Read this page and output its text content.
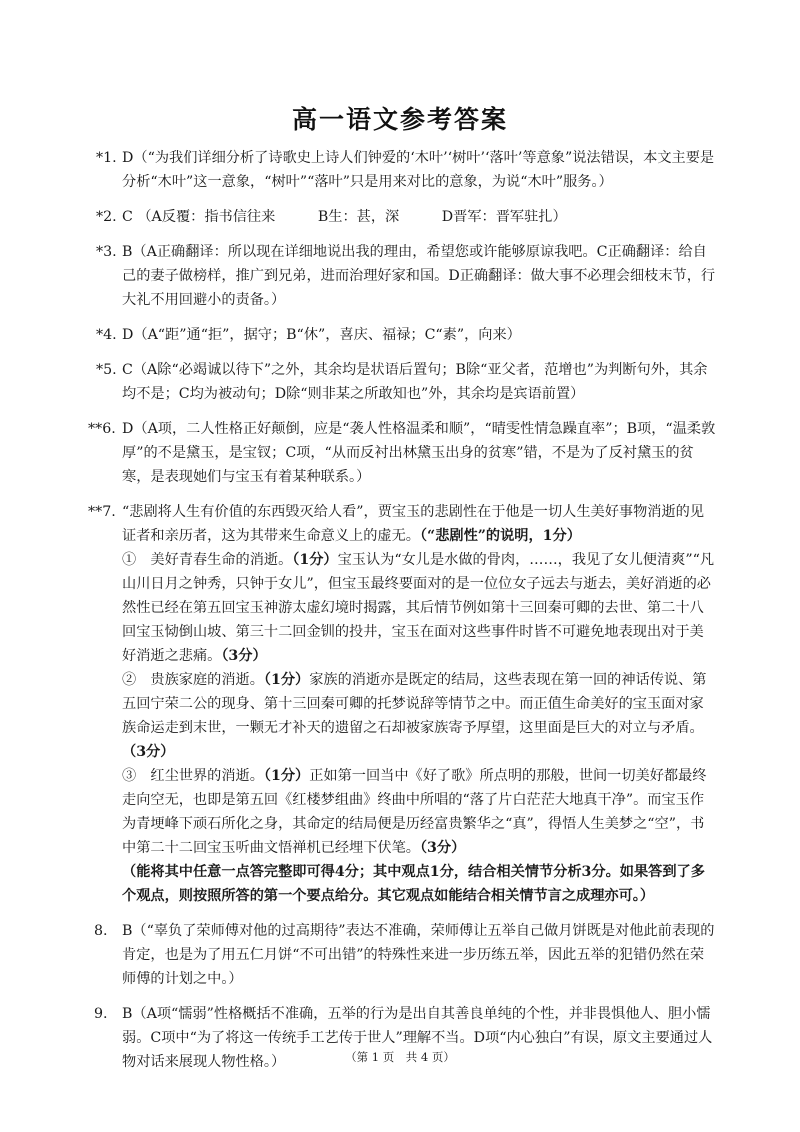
高一语文参考答案
*1. D（“为我们详细分析了诗歌史上诗人们钟爱的‘木叶’‘树叶’‘落叶’等意象”说法错误，本文主要是分析“木叶”这一意象，“树叶”“落叶”只是用来对比的意象，为说“木叶”服务。）
*2. C （A反覆：指书信往来　　　B生：甚，深　　　D晋军：晋军驻扎）
*3. B（A正确翻译：所以现在详细地说出我的理由，希望您或许能够原谅我吧。C正确翻译：给自己的妻子做榜样，推广到兄弟，进而治理好家和国。D正确翻译：做大事不必理会细枝末节，行大礼不用回避小的责备。）
*4. D（A“距”通“拒”，据守；B“休”，喜庆、福禄；C“素”，向来）
*5. C（A除“必竭诚以待下”之外，其余均是状语后置句；B除“亚父者，范增也”为判断句外，其余均不是；C均为被动句；D除“则非某之所敢知也”外，其余均是宾语前置）
**6. D（A项，二人性格正好颠倒，应是“袭人性格温柔和顺”，“晴雯性情急躁直率”；B项，“温柔敦厚”的不是黛玉，是宝钗；C项，“从而反衬出林黛玉出身的贫寒”错，不是为了反衬黛玉的贫寒，是表现她们与宝玉有着某种联系。）
**7. “悲剧将人生有价值的东西毁灭给人看”，贾宝玉的悲剧性在于他是一切人生美好事物消逝的见证者和亲历者，这为其带来生命意义上的虚无。（“悲剧性”的说明，1分）
①　美好青春生命的消逝。（1分）宝玉认为“女儿是水做的骨肉，……，我见了女儿便清爽”“凡山川日月之钟秀，只钟于女儿”，但宝玉最终要面对的是一位位女子远去与逝去，美好消逝的必然性已经在第五回宝玉神游太虚幻境时揭露，其后情节例如第十三回秦可卿的去世、第二十八回宝玉恸倒山坡、第三十二回金钏的投井，宝玉在面对这些事件时皆不可避免地表现出对于美好消逝之悲痛。（3分）
②　贵族家庭的消逝。（1分）家族的消逝亦是既定的结局，这些表现在第一回的神话传说、第五回宁荣二公的现身、第十三回秦可卿的托梦说辞等情节之中。而正值生命美好的宝玉面对家族命运走到末世，一颗无才补天的遗留之石却被家族寄予厚望，这里面是巨大的对立与矛盾。（3分）
③　红尘世界的消逝。（1分）正如第一回当中《好了歌》所点明的那般，世间一切美好都最终走向空无，也即是第五回《红楼梦组曲》终曲中所唱的“落了片白茫茫大地真干净”。而宝玉作为青埂峰下顽石所化之身，其命定的结局便是历经富贵繁华之“真”，得悟人生美梦之“空”，书中第二十二回宝玉听曲文悟禅机已经埋下伏笔。（3分）
（能将其中任意一点答完整即可得4分；其中观点1分，结合相关情节分析3分。如果答到了多个观点，则按照所答的第一个要点给分。其它观点如能结合相关情节言之成理亦可。）
8.	B（“辜负了荣师傅对他的过高期待”表达不准确，荣师傅让五举自己做月饼既是对他此前表现的肯定，也是为了用五仁月饼“不可出错”的特殊性来进一步历练五举，因此五举的犯错仍然在荣师傅的计划之中。）
9.	B（A项“懦弱”性格概括不准确，五举的行为是出自其善良单纯的个性，并非畏惧他人、胆小懦弱。C项中“为了将这一传统手工艺传于世人”理解不当。D项“内心独白”有误，原文主要通过人物对话来展现人物性格。）	（第 1 页　共 4 页）
